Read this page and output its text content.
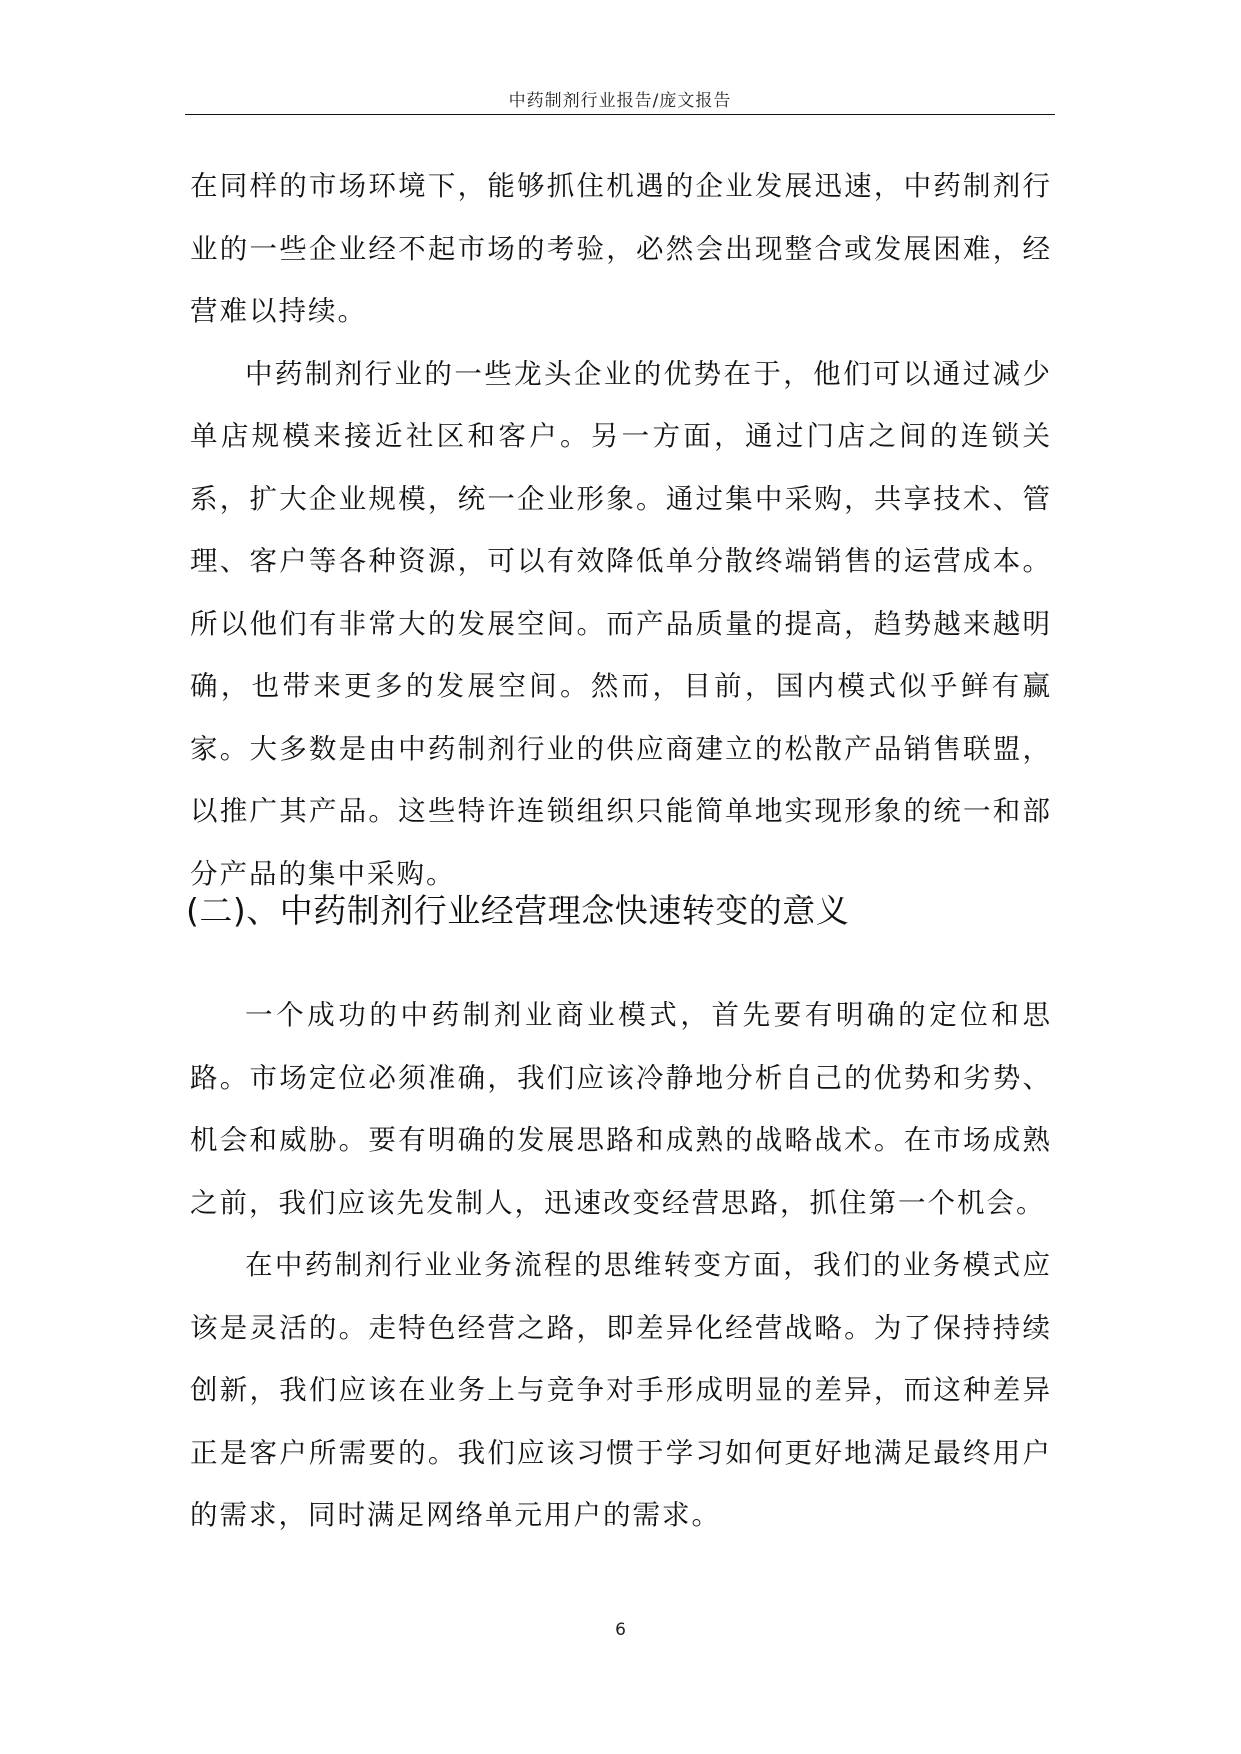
中药制剂行业报告/庞文报告

在同样的市场环境下，能够抓住机遇的企业发展迅速，中药制剂行业的一些企业经不起市场的考验，必然会出现整合或发展困难，经营难以持续。

中药制剂行业的一些龙头企业的优势在于，他们可以通过减少单店规模来接近社区和客户。另一方面，通过门店之间的连锁关系，扩大企业规模，统一企业形象。通过集中采购，共享技术、管理、客户等各种资源，可以有效降低单分散终端销售的运营成本。所以他们有非常大的发展空间。而产品质量的提高，趋势越来越明确，也带来更多的发展空间。然而，目前，国内模式似乎鲜有赢家。大多数是由中药制剂行业的供应商建立的松散产品销售联盟，以推广其产品。这些特许连锁组织只能简单地实现形象的统一和部分产品的集中采购。

(二)、中药制剂行业经营理念快速转变的意义

一个成功的中药制剂业商业模式，首先要有明确的定位和思路。市场定位必须准确，我们应该冷静地分析自己的优势和劣势、机会和威胁。要有明确的发展思路和成熟的战略战术。在市场成熟之前，我们应该先发制人，迅速改变经营思路，抓住第一个机会。

在中药制剂行业业务流程的思维转变方面，我们的业务模式应该是灵活的。走特色经营之路，即差异化经营战略。为了保持持续创新，我们应该在业务上与竞争对手形成明显的差异，而这种差异正是客户所需要的。我们应该习惯于学习如何更好地满足最终用户的需求，同时满足网络单元用户的需求。

6
